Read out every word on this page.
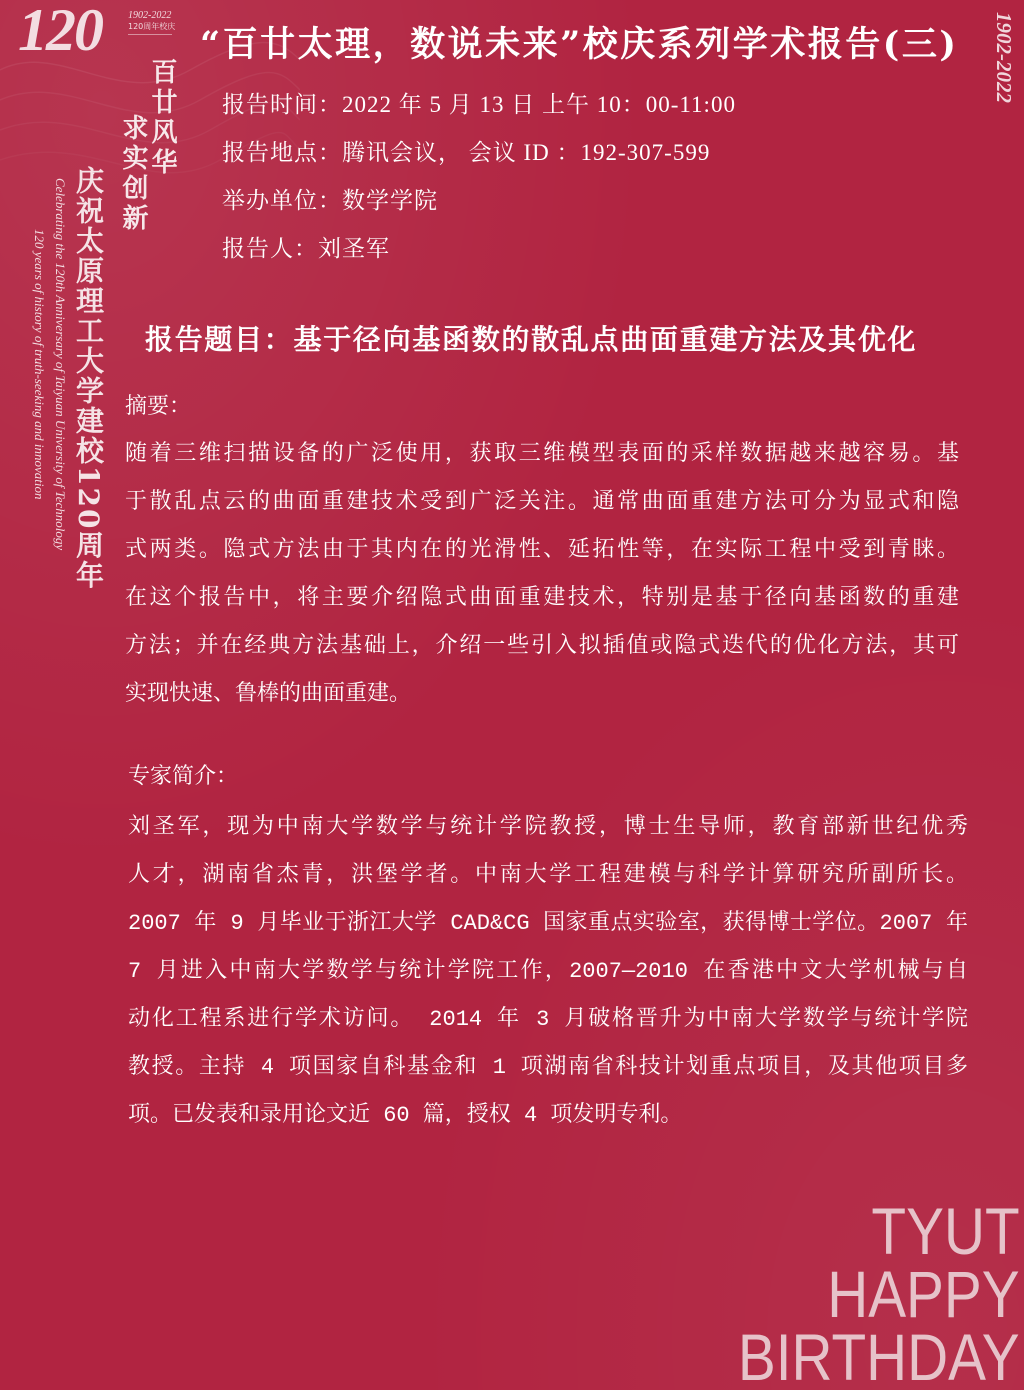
120	1902-2022
120周年校庆
百廿风华
求实创新
庆祝太原理工大学建校120周年
Celebrating the 120th Anniversary of Taiyuan University of Technology
120 years of history of truth-seeking and innovation
1902-2022
“百廿太理，数说未来”校庆系列学术报告(三)
报告时间：2022 年 5 月 13 日 上午 10：00-11:00
报告地点：腾讯会议， 会议 ID ：192-307-599
举办单位：数学学院
报告人：刘圣军
报告题目：基于径向基函数的散乱点曲面重建方法及其优化
摘要：
随着三维扫描设备的广泛使用，获取三维模型表面的采样数据越来越容易。基
于散乱点云的曲面重建技术受到广泛关注。通常曲面重建方法可分为显式和隐
式两类。隐式方法由于其内在的光滑性、延拓性等，在实际工程中受到青睐。
在这个报告中，将主要介绍隐式曲面重建技术，特别是基于径向基函数的重建
方法；并在经典方法基础上，介绍一些引入拟插值或隐式迭代的优化方法，其可
实现快速、鲁棒的曲面重建。
专家简介：
刘圣军，现为中南大学数学与统计学院教授，博士生导师，教育部新世纪优秀
人才，湖南省杰青，洪堡学者。中南大学工程建模与科学计算研究所副所长。
2007 年 9 月毕业于浙江大学 CAD&CG 国家重点实验室，获得博士学位。2007 年
7 月进入中南大学数学与统计学院工作，2007—2010 在香港中文大学机械与自
动化工程系进行学术访问。 2014 年 3 月破格晋升为中南大学数学与统计学院
教授。主持 4 项国家自科基金和 1 项湖南省科技计划重点项目，及其他项目多
项。已发表和录用论文近 60 篇，授权 4 项发明专利。
TYUT
HAPPY
BIRTHDAY
